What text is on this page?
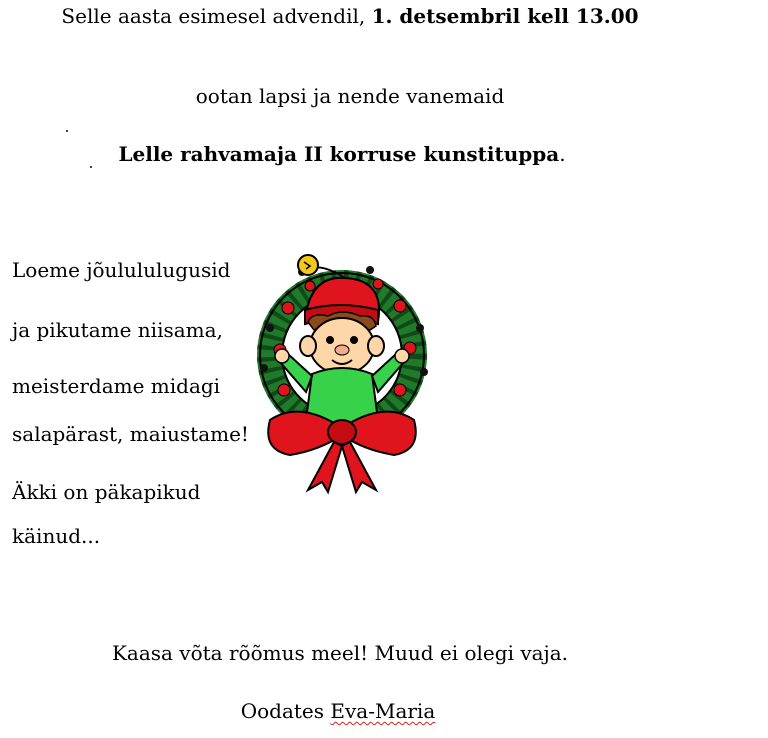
Selle aasta esimesel advendil, 1. detsembril kell 13.00
ootan lapsi ja nende vanemaid
Lelle rahvamaja II korruse kunstituppa.
Loeme jõulululugusid
ja pikutame niisama,
meisterdame midagi
salapärast, maiustame!
Äkki on päkapikud
käinud...
Kaasa võta rõõmus meel! Muud ei olegi vaja.
Oodates Eva-Maria
